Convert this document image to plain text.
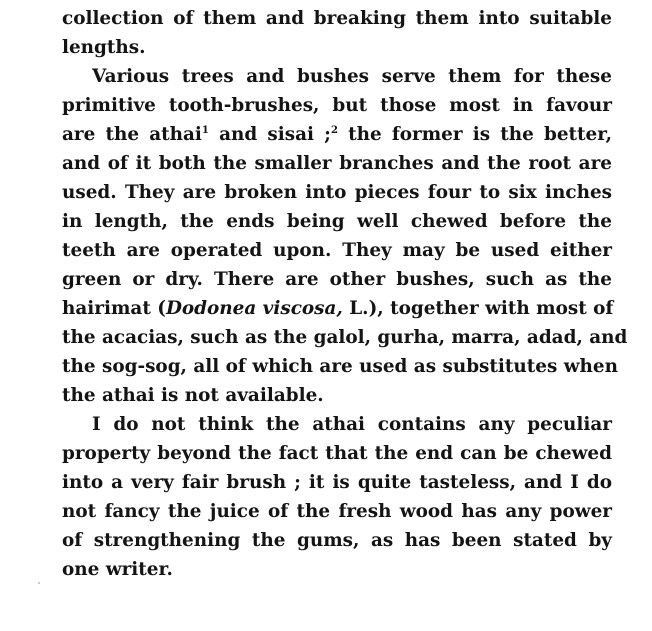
collection of them and breaking them into suitable
lengths.

Various trees and bushes serve them for these
primitive tooth-brushes, but those most in favour
are the athai$^1$ and sisai ;$^2$ the former is the better,
and of it both the smaller branches and the root are
used. They are broken into pieces four to six inches
in length, the ends being well chewed before the
teeth are operated upon. They may be used either
green or dry. There are other bushes, such as the
hairimat (Dodonea viscosa, L.), together with most of
the acacias, such as the galol, gurha, marra, adad, and
the sog-sog, all of which are used as substitutes when
the athai is not available.

I do not think the athai contains any peculiar
property beyond the fact that the end can be chewed
into a very fair brush ; it is quite tasteless, and I do
not fancy the juice of the fresh wood has any power
of strengthening the gums, as has been stated by
one writer.
